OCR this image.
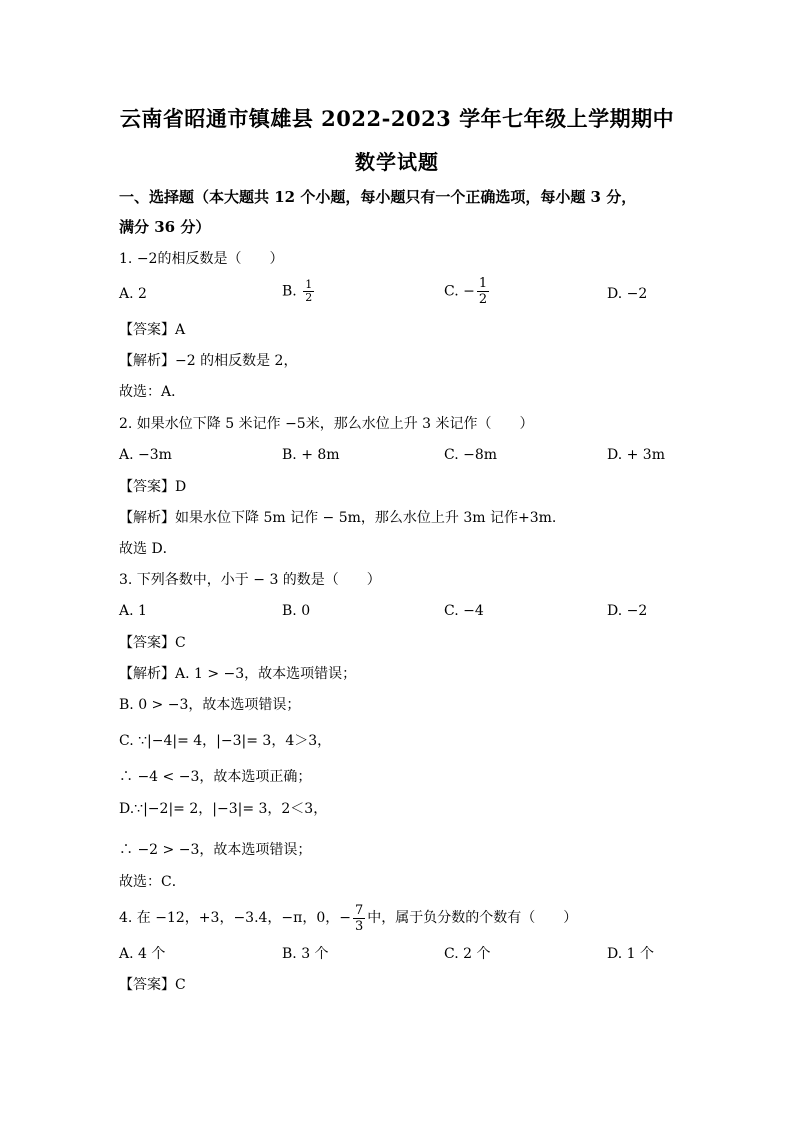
云南省昭通市镇雄县 2022-2023 学年七年级上学期期中
数学试题
一、选择题（本大题共 12 个小题，每小题只有一个正确选项，每小题 3 分，
满分 36 分）
1. −2的相反数是（　　）
A. 2	B. $\frac{1}{2}$	C. − $\frac{1}{2}$	D. −2
【答案】A
【解析】−2 的相反数是 2，
故选：A．
2. 如果水位下降 5 米记作 −5米，那么水位上升 3 米记作（　　）
A. −3m	B. + 8m	C. −8m	D. + 3m
【答案】D
【解析】如果水位下降 5m 记作 − 5m，那么水位上升 3m 记作+3m.
故选 D．
3. 下列各数中，小于 − 3 的数是（　　）
A. 1	B. 0	C. −4	D. −2
【答案】C
【解析】A. 1 > −3，故本选项错误；
B. 0 > −3，故本选项错误；
C. ∵|−4|= 4，|−3|= 3，4＞3，
∴ −4 < −3，故本选项正确；
D.∵|−2|= 2，|−3|= 3，2＜3，
∴ −2 > −3，故本选项错误；
故选：C．
4. 在 −12，+3，−3.4，−π，0，− $\frac{7}{3}$ 中，属于负分数的个数有（　　）
A. 4 个	B. 3 个	C. 2 个	D. 1 个
【答案】C
